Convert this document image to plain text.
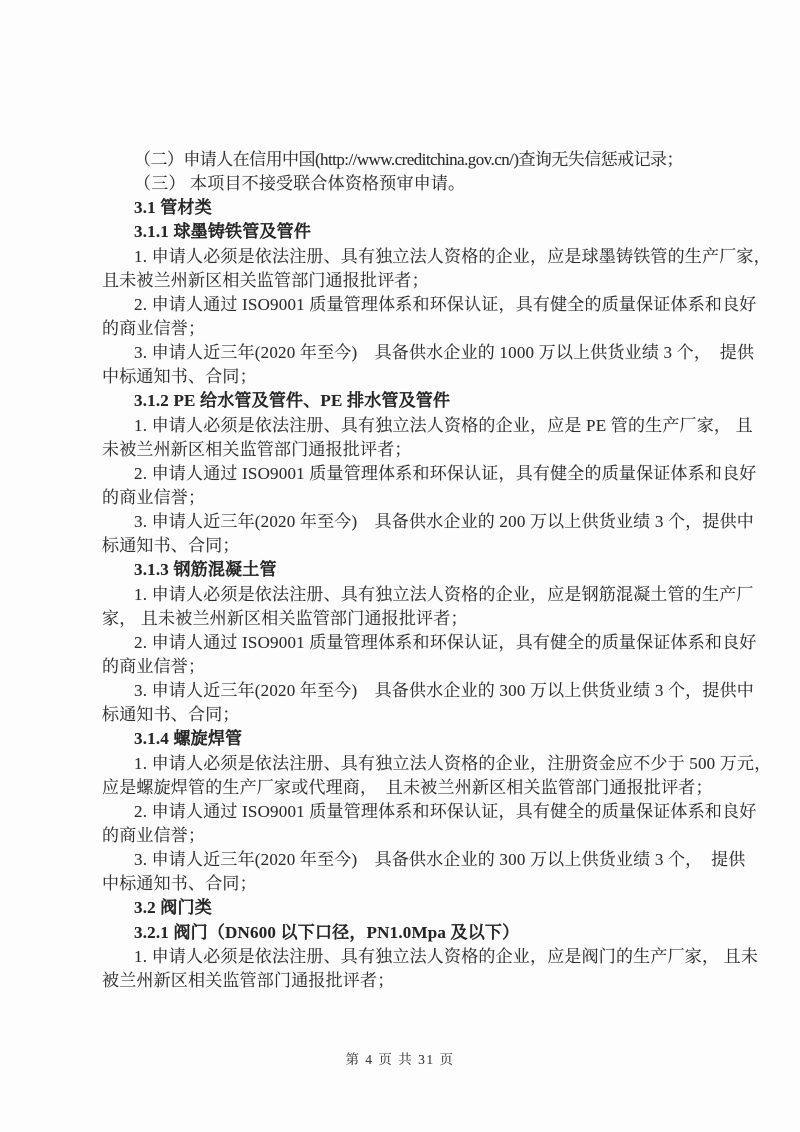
（二）申请人在信用中国(http://www.creditchina.gov.cn/)查询无失信惩戒记录；
（三） 本项目不接受联合体资格预审申请。
3.1 管材类
3.1.1 球墨铸铁管及管件
1. 申请人必须是依法注册、具有独立法人资格的企业，应是球墨铸铁管的生产厂家，
且未被兰州新区相关监管部门通报批评者；
2. 申请人通过 ISO9001 质量管理体系和环保认证，具有健全的质量保证体系和良好
的商业信誉；
3. 申请人近三年(2020 年至今)　具备供水企业的 1000 万以上供货业绩 3 个，　提供
中标通知书、合同；
3.1.2 PE 给水管及管件、PE 排水管及管件
1. 申请人必须是依法注册、具有独立法人资格的企业，应是 PE 管的生产厂家， 且
未被兰州新区相关监管部门通报批评者；
2. 申请人通过 ISO9001 质量管理体系和环保认证，具有健全的质量保证体系和良好
的商业信誉；
3. 申请人近三年(2020 年至今)　具备供水企业的 200 万以上供货业绩 3 个，提供中
标通知书、合同；
3.1.3 钢筋混凝土管
1. 申请人必须是依法注册、具有独立法人资格的企业，应是钢筋混凝土管的生产厂
家， 且未被兰州新区相关监管部门通报批评者；
2. 申请人通过 ISO9001 质量管理体系和环保认证，具有健全的质量保证体系和良好
的商业信誉；
3. 申请人近三年(2020 年至今)　具备供水企业的 300 万以上供货业绩 3 个，提供中
标通知书、合同；
3.1.4 螺旋焊管
1. 申请人必须是依法注册、具有独立法人资格的企业，注册资金应不少于 500 万元，
应是螺旋焊管的生产厂家或代理商，　且未被兰州新区相关监管部门通报批评者；
2. 申请人通过 ISO9001 质量管理体系和环保认证，具有健全的质量保证体系和良好
的商业信誉；
3. 申请人近三年(2020 年至今)　具备供水企业的 300 万以上供货业绩 3 个，　提供
中标通知书、合同；
3.2 阀门类
3.2.1 阀门（DN600 以下口径，PN1.0Mpa 及以下）
1. 申请人必须是依法注册、具有独立法人资格的企业，应是阀门的生产厂家， 且未
被兰州新区相关监管部门通报批评者；
第 4 页 共 31 页
